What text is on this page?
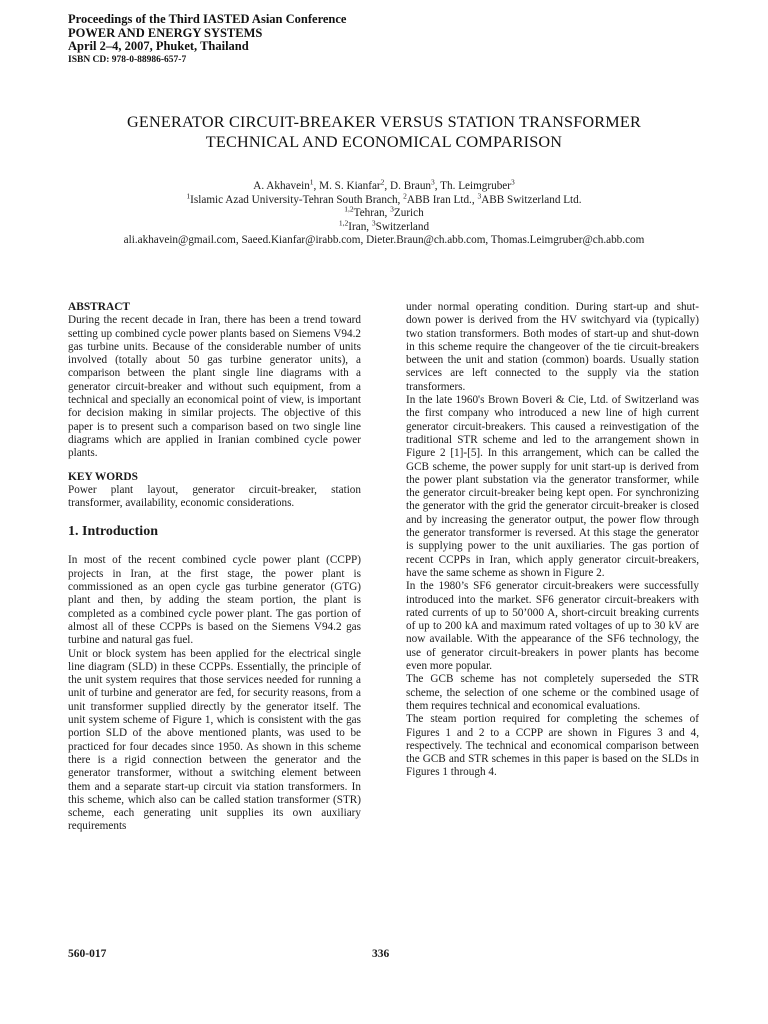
Proceedings of the Third IASTED Asian Conference
POWER AND ENERGY SYSTEMS
April 2–4, 2007, Phuket, Thailand
ISBN CD: 978-0-88986-657-7
GENERATOR CIRCUIT-BREAKER VERSUS STATION TRANSFORMER
TECHNICAL AND ECONOMICAL COMPARISON
A. Akhavein$^1$, M. S. Kianfar$^2$, D. Braun$^3$, Th. Leimgruber$^3$
$^1$Islamic Azad University-Tehran South Branch, $^2$ABB Iran Ltd., $^3$ABB Switzerland Ltd.
$^{1,2}$Tehran, $^3$Zurich
$^{1,2}$Iran, $^3$Switzerland
ali.akhavein@gmail.com, Saeed.Kianfar@irabb.com, Dieter.Braun@ch.abb.com, Thomas.Leimgruber@ch.abb.com

ABSTRACT

During the recent decade in Iran, there has been a trend toward setting up combined cycle power plants based on Siemens V94.2 gas turbine units. Because of the considerable number of units involved (totally about 50 gas turbine generator units), a comparison between the plant single line diagrams with a generator circuit-breaker and without such equipment, from a technical and specially an economical point of view, is important for decision making in similar projects. The objective of this paper is to present such a comparison based on two single line diagrams which are applied in Iranian combined cycle power plants.

KEY WORDS

Power plant layout, generator circuit-breaker, station transformer, availability, economic considerations.

1. Introduction

In most of the recent combined cycle power plant (CCPP) projects in Iran, at the first stage, the power plant is commissioned as an open cycle gas turbine generator (GTG) plant and then, by adding the steam portion, the plant is completed as a combined cycle power plant. The gas portion of almost all of these CCPPs is based on the Siemens V94.2 gas turbine and natural gas fuel.

Unit or block system has been applied for the electrical single line diagram (SLD) in these CCPPs. Essentially, the principle of the unit system requires that those services needed for running a unit of turbine and generator are fed, for security reasons, from a unit transformer supplied directly by the generator itself. The unit system scheme of Figure 1, which is consistent with the gas portion SLD of the above mentioned plants, was used to be practiced for four decades since 1950. As shown in this scheme there is a rigid connection between the generator and the generator transformer, without a switching element between them and a separate start-up circuit via station transformers. In this scheme, which also can be called station transformer (STR) scheme, each generating unit supplies its own auxiliary requirements

under normal operating condition. During start-up and shut-down power is derived from the HV switchyard via (typically) two station transformers. Both modes of start-up and shut-down in this scheme require the changeover of the tie circuit-breakers between the unit and station (common) boards. Usually station services are left connected to the supply via the station transformers.

In the late 1960's Brown Boveri & Cie, Ltd. of Switzerland was the first company who introduced a new line of high current generator circuit-breakers. This caused a reinvestigation of the traditional STR scheme and led to the arrangement shown in Figure 2 [1]-[5]. In this arrangement, which can be called the GCB scheme, the power supply for unit start-up is derived from the power plant substation via the generator transformer, while the generator circuit-breaker being kept open. For synchronizing the generator with the grid the generator circuit-breaker is closed and by increasing the generator output, the power flow through the generator transformer is reversed. At this stage the generator is supplying power to the unit auxiliaries. The gas portion of recent CCPPs in Iran, which apply generator circuit-breakers, have the same scheme as shown in Figure 2.

In the 1980’s SF6 generator circuit-breakers were successfully introduced into the market. SF6 generator circuit-breakers with rated currents of up to 50’000 A, short-circuit breaking currents of up to 200 kA and maximum rated voltages of up to 30 kV are now available. With the appearance of the SF6 technology, the use of generator circuit-breakers in power plants has become even more popular.

The GCB scheme has not completely superseded the STR scheme, the selection of one scheme or the combined usage of them requires technical and economical evaluations.

The steam portion required for completing the schemes of Figures 1 and 2 to a CCPP are shown in Figures 3 and 4, respectively. The technical and economical comparison between the GCB and STR schemes in this paper is based on the SLDs in Figures 1 through 4.

560-017	336
